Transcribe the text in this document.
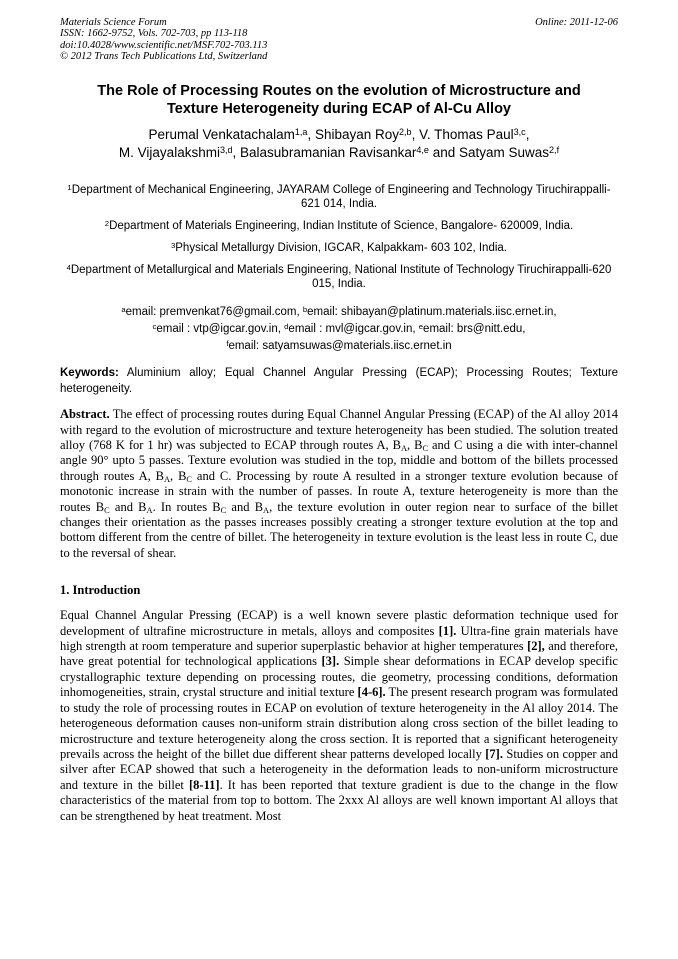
Materials Science Forum
ISSN: 1662-9752, Vols. 702-703, pp 113-118
doi:10.4028/www.scientific.net/MSF.702-703.113
© 2012 Trans Tech Publications Ltd, Switzerland
Online: 2011-12-06
The Role of Processing Routes on the evolution of Microstructure and
Texture Heterogeneity during ECAP of Al-Cu Alloy
Perumal Venkatachalam$^{1,a}$, Shibayan Roy$^{2,b}$, V. Thomas Paul$^{3,c}$,
M. Vijayalakshmi$^{3,d}$, Balasubramanian Ravisankar$^{4,e}$ and Satyam Suwas$^{2,f}$

$^1$Department of Mechanical Engineering, JAYARAM College of Engineering and Technology Tiruchirappalli-621 014, India.

$^2$Department of Materials Engineering, Indian Institute of Science, Bangalore- 620009, India.

$^3$Physical Metallurgy Division, IGCAR, Kalpakkam- 603 102, India.

$^4$Department of Metallurgical and Materials Engineering, National Institute of Technology Tiruchirappalli-620 015, India.

$^a$email: premvenkat76@gmail.com, $^b$email: shibayan@platinum.materials.iisc.ernet.in,
$^c$email : vtp@igcar.gov.in, $^d$email : mvl@igcar.gov.in, $^e$email: brs@nitt.edu,
$^f$email: satyamsuwas@materials.iisc.ernet.in

Keywords: Aluminium alloy; Equal Channel Angular Pressing (ECAP); Processing Routes; Texture heterogeneity.

Abstract. The effect of processing routes during Equal Channel Angular Pressing (ECAP) of the Al alloy 2014 with regard to the evolution of microstructure and texture heterogeneity has been studied. The solution treated alloy (768 K for 1 hr) was subjected to ECAP through routes A, $B_A$, $B_C$ and C using a die with inter-channel angle 90° upto 5 passes. Texture evolution was studied in the top, middle and bottom of the billets processed through routes A, $B_A$, $B_C$ and C. Processing by route A resulted in a stronger texture evolution because of monotonic increase in strain with the number of passes. In route A, texture heterogeneity is more than the routes $B_C$ and $B_A$. In routes $B_C$ and $B_A$, the texture evolution in outer region near to surface of the billet changes their orientation as the passes increases possibly creating a stronger texture evolution at the top and bottom different from the centre of billet. The heterogeneity in texture evolution is the least less in route C, due to the reversal of shear.

1. Introduction

Equal Channel Angular Pressing (ECAP) is a well known severe plastic deformation technique used for development of ultrafine microstructure in metals, alloys and composites [1]. Ultra-fine grain materials have high strength at room temperature and superior superplastic behavior at higher temperatures [2], and therefore, have great potential for technological applications [3]. Simple shear deformations in ECAP develop specific crystallographic texture depending on processing routes, die geometry, processing conditions, deformation inhomogeneities, strain, crystal structure and initial texture [4-6]. The present research program was formulated to study the role of processing routes in ECAP on evolution of texture heterogeneity in the Al alloy 2014. The heterogeneous deformation causes non-uniform strain distribution along cross section of the billet leading to microstructure and texture heterogeneity along the cross section. It is reported that a significant heterogeneity prevails across the height of the billet due different shear patterns developed locally [7]. Studies on copper and silver after ECAP showed that such a heterogeneity in the deformation leads to non-uniform microstructure and texture in the billet [8-11]. It has been reported that texture gradient is due to the change in the flow characteristics of the material from top to bottom. The 2xxx Al alloys are well known important Al alloys that can be strengthened by heat treatment. Most
